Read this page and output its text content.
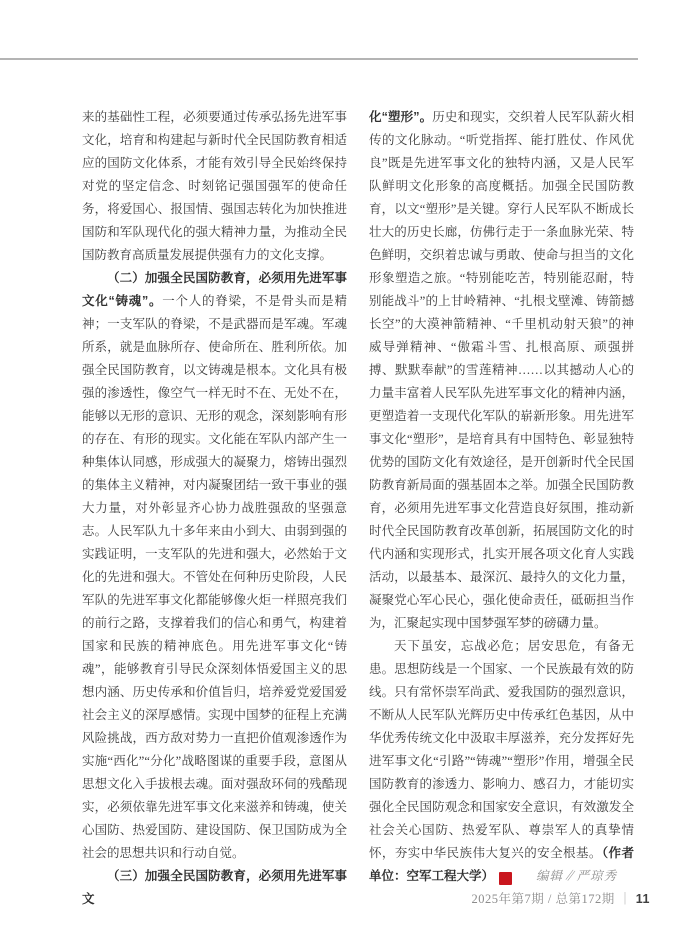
来的基础性工程，必须要通过传承弘扬先进军事文化，培育和构建起与新时代全民国防教育相适应的国防文化体系，才能有效引导全民始终保持对党的坚定信念、时刻铭记强国强军的使命任务，将爱国心、报国情、强国志转化为加快推进国防和军队现代化的强大精神力量，为推动全民国防教育高质量发展提供强有力的文化支撑。

（二）加强全民国防教育，必须用先进军事文化“铸魂”。一个人的脊梁，不是骨头而是精神；一支军队的脊梁，不是武器而是军魂。军魂所系，就是血脉所存、使命所在、胜利所依。加强全民国防教育，以文铸魂是根本。文化具有极强的渗透性，像空气一样无时不在、无处不在，能够以无形的意识、无形的观念，深刻影响有形的存在、有形的现实。文化能在军队内部产生一种集体认同感，形成强大的凝聚力，熔铸出强烈的集体主义精神，对内凝聚团结一致干事业的强大力量，对外彰显齐心协力战胜强敌的坚强意志。人民军队九十多年来由小到大、由弱到强的实践证明，一支军队的先进和强大，必然始于文化的先进和强大。不管处在何种历史阶段，人民军队的先进军事文化都能够像火炬一样照亮我们的前行之路，支撑着我们的信心和勇气，构建着国家和民族的精神底色。用先进军事文化“铸魂”，能够教育引导民众深刻体悟爱国主义的思想内涵、历史传承和价值旨归，培养爱党爱国爱社会主义的深厚感情。实现中国梦的征程上充满风险挑战，西方敌对势力一直把价值观渗透作为实施“西化”“分化”战略图谋的重要手段，意图从思想文化入手拔根去魂。面对强敌环伺的残酷现实，必须依靠先进军事文化来滋养和铸魂，使关心国防、热爱国防、建设国防、保卫国防成为全社会的思想共识和行动自觉。

（三）加强全民国防教育，必须用先进军事文

化“塑形”。历史和现实，交织着人民军队薪火相传的文化脉动。“听党指挥、能打胜仗、作风优良”既是先进军事文化的独特内涵，又是人民军队鲜明文化形象的高度概括。加强全民国防教育，以文“塑形”是关键。穿行人民军队不断成长壮大的历史长廊，仿佛行走于一条血脉光荣、特色鲜明，交织着忠诚与勇敢、使命与担当的文化形象塑造之旅。“特别能吃苦，特别能忍耐，特别能战斗”的上甘岭精神、“扎根戈壁滩、铸箭撼长空”的大漠神箭精神、“千里机动射天狼”的神威导弹精神、“傲霜斗雪、扎根高原、顽强拼搏、默默奉献”的雪莲精神……以其撼动人心的力量丰富着人民军队先进军事文化的精神内涵，更塑造着一支现代化军队的崭新形象。用先进军事文化“塑形”，是培育具有中国特色、彰显独特优势的国防文化有效途径，是开创新时代全民国防教育新局面的强基固本之举。加强全民国防教育，必须用先进军事文化营造良好氛围，推动新时代全民国防教育改革创新，拓展国防文化的时代内涵和实现形式，扎实开展各项文化育人实践活动，以最基本、最深沉、最持久的文化力量，凝聚党心军心民心，强化使命责任，砥砺担当作为，汇聚起实现中国梦强军梦的磅礴力量。

天下虽安，忘战必危；居安思危，有备无患。思想防线是一个国家、一个民族最有效的防线。只有常怀崇军尚武、爱我国防的强烈意识，不断从人民军队光辉历史中传承红色基因，从中华优秀传统文化中汲取丰厚滋养，充分发挥好先进军事文化“引路”“铸魂”“塑形”作用，增强全民国防教育的渗透力、影响力、感召力，才能切实强化全民国防观念和国家安全意识，有效激发全社会关心国防、热爱军队、尊崇军人的真挚情怀，夯实中华民族伟大复兴的安全根基。（作者单位：空军工程大学）	G 编辑∥严琼秀
2025年第7期 / 总第172期 ｜ 11
